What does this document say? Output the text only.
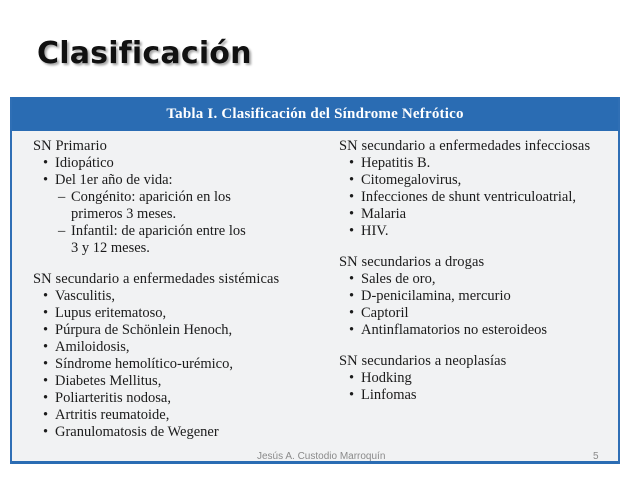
Clasificación
Tabla I. Clasificación del Síndrome Nefrótico
SN Primario
• Idiopático
• Del 1er año de vida:
– Congénito: aparición en los
primeros 3 meses.
– Infantil: de aparición entre los
3 y 12 meses.
SN secundario a enfermedades sistémicas
• Vasculitis,
• Lupus eritematoso,
• Púrpura de Schönlein Henoch,
• Amiloidosis,
• Síndrome hemolítico-urémico,
• Diabetes Mellitus,
• Poliarteritis nodosa,
• Artritis reumatoide,
• Granulomatosis de Wegener
SN secundario a enfermedades infecciosas
• Hepatitis B.
• Citomegalovirus,
• Infecciones de shunt ventriculoatrial,
• Malaria
• HIV.
SN secundarios a drogas
• Sales de oro,
• D-penicilamina, mercurio
• Captoril
• Antinflamatorios no esteroideos
SN secundarios a neoplasías
• Hodking
• Linfomas
Jesús A. Custodio Marroquín	5
